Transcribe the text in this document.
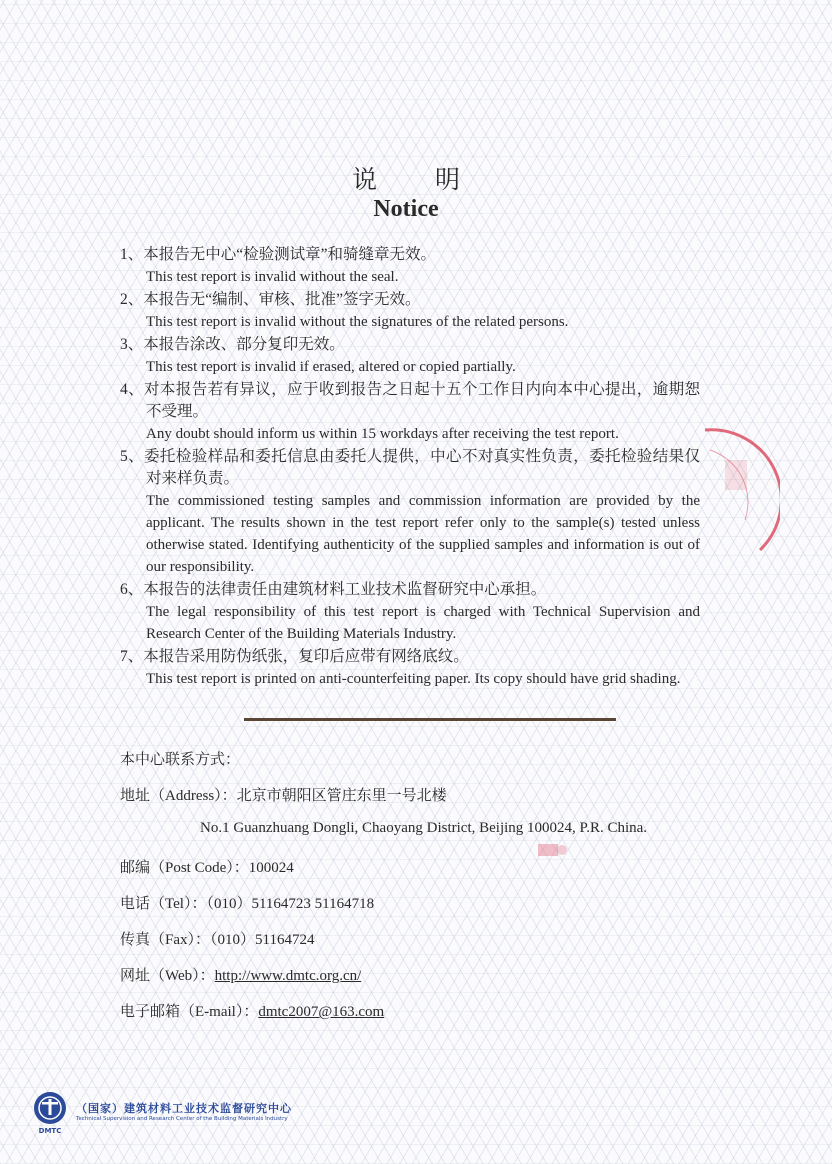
说明
Notice
1、本报告无中心“检验测试章”和骑缝章无效。
This test report is invalid without the seal.
2、本报告无“编制、审核、批准”签字无效。
This test report is invalid without the signatures of the related persons.
3、本报告涂改、部分复印无效。
This test report is invalid if erased, altered or copied partially.
4、对本报告若有异议，应于收到报告之日起十五个工作日内向本中心提出，逾期恕不受理。
Any doubt should inform us within 15 workdays after receiving the test report.
5、委托检验样品和委托信息由委托人提供，中心不对真实性负责，委托检验结果仅对来样负责。
The commissioned testing samples and commission information are provided by the applicant. The results shown in the test report refer only to the sample(s) tested unless otherwise stated. Identifying authenticity of the supplied samples and information is out of our responsibility.
6、本报告的法律责任由建筑材料工业技术监督研究中心承担。
The legal responsibility of this test report is charged with Technical Supervision and Research Center of the Building Materials Industry.
7、本报告采用防伪纸张，复印后应带有网络底纹。
This test report is printed on anti-counterfeiting paper. Its copy should have grid shading.
本中心联系方式：
地址（Address）：北京市朝阳区管庄东里一号北楼
No.1 Guanzhuang Dongli, Chaoyang District, Beijing 100024, P.R. China.
邮编（Post Code）：100024
电话（Tel）：（010）51164723 51164718
传真（Fax）：（010）51164724
网址（Web）：http://www.dmtc.org.cn/
电子邮箱（E-mail）：dmtc2007@163.com
DMTC
（国家）建筑材料工业技术监督研究中心
Technical Supervision and Research Center of the Building Materials Industry
